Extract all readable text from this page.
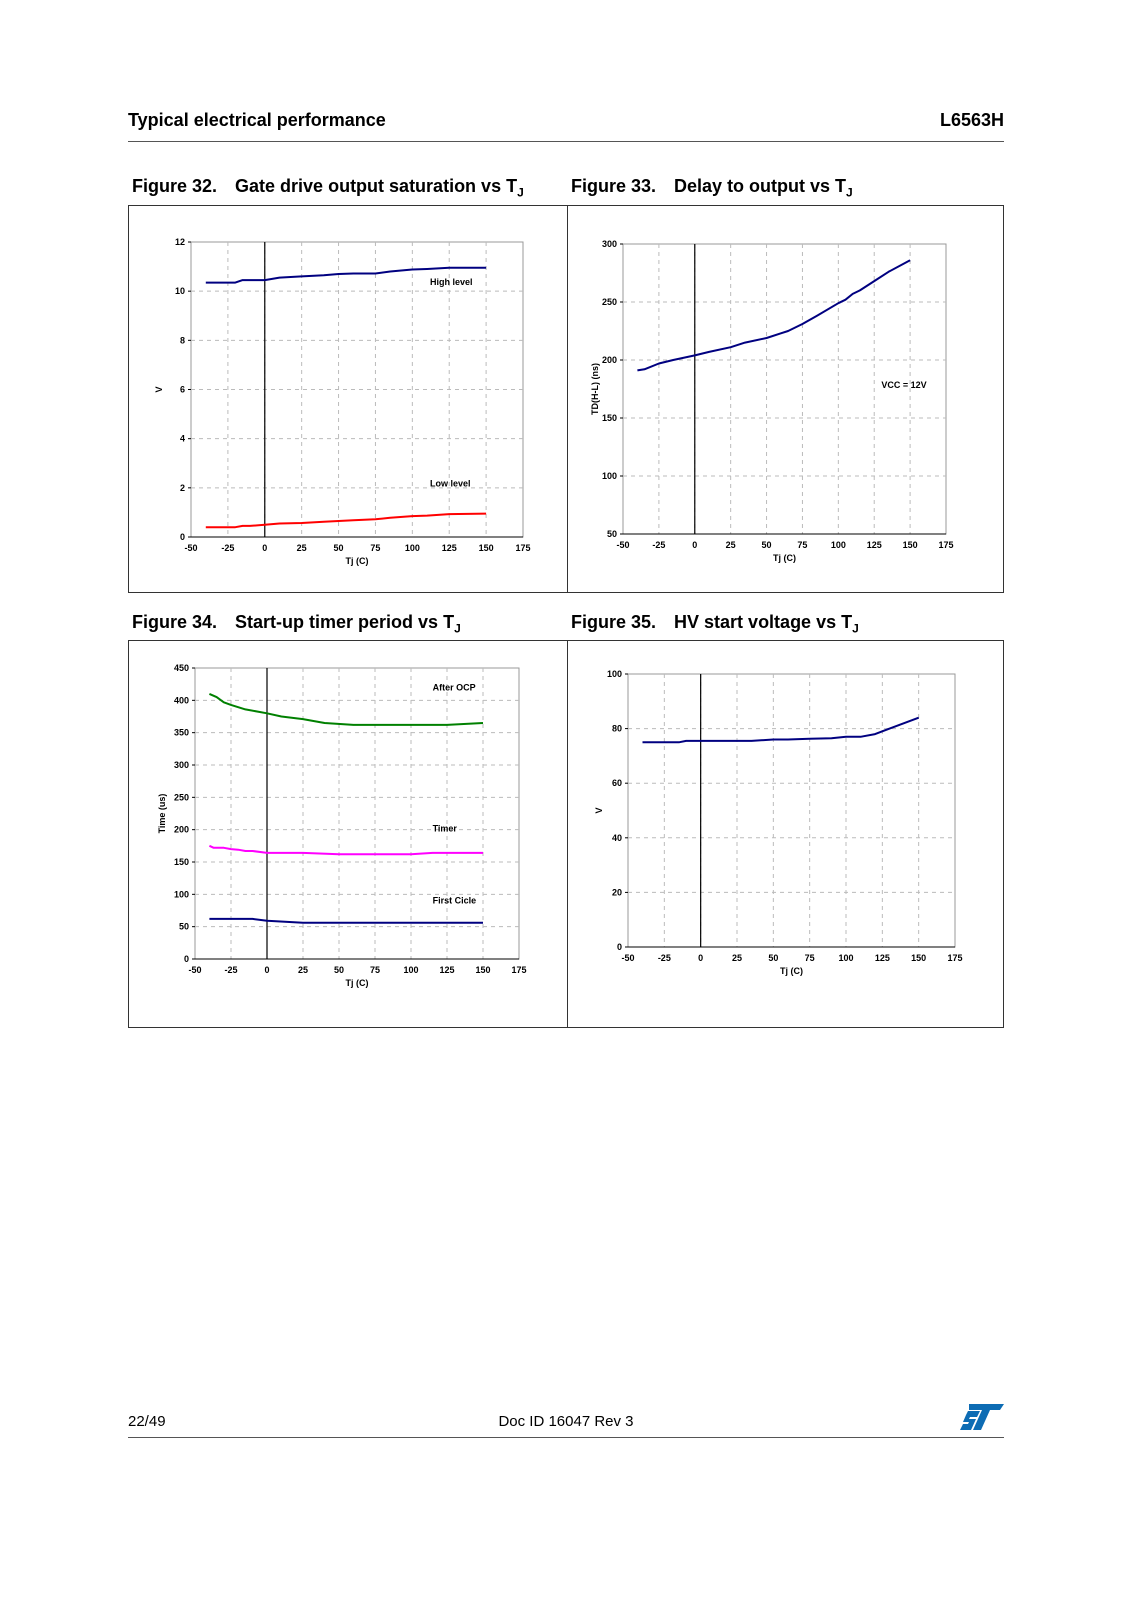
Typical electrical performance	L6563H
Figure 32. Gate drive output saturation vs $T_J$	Figure 33. Delay to output vs $T_J$
Figure 34. Start-up timer period vs $T_J$	Figure 35. HV start voltage vs $T_J$
-50	-25	0	25	50	75	100 125 150 175
0
2
4
6
8
10
12
Tj (C)
V
High level
Low level
-50	-25	0	25	50	75	100 125 150 175
50
100
150
200
250
300
Tj (C)
TD(H-L) (ns)	VCC = 12V
-50	-25	0	25	50	75	100 125 150 175
0
50
100
150
200
250
300
350
400
450
Tj (C)
Time (us)
After OCP
Timer
First Cicle
-50	-25	0	25	50	75	100 125 150 175
0
20
40
60
80
100
Tj (C)
V
22/49	Doc ID 16047 Rev 3
